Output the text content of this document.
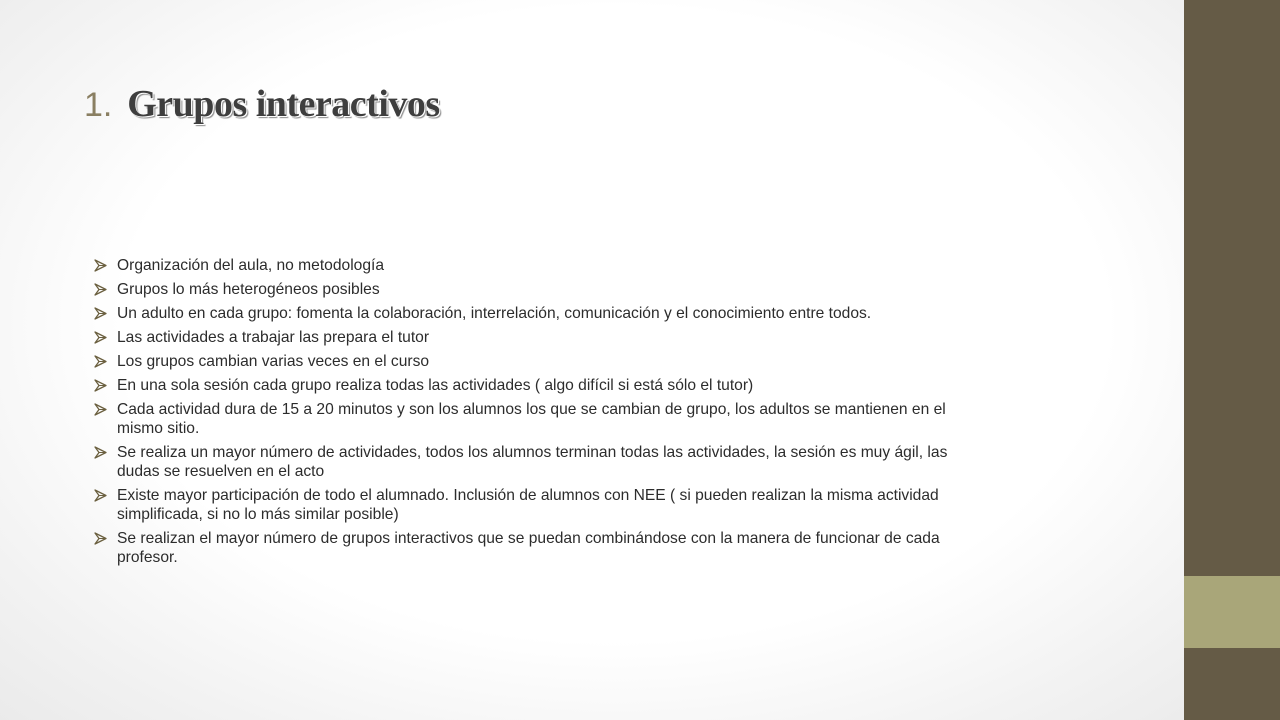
1. Grupos interactivos
Organización del aula, no metodología
Grupos lo más heterogéneos posibles
Un adulto en cada grupo: fomenta la colaboración, interrelación, comunicación y el conocimiento entre todos.
Las actividades a trabajar las prepara el tutor
Los grupos cambian varias veces en el curso
En una sola sesión cada grupo realiza todas las actividades ( algo difícil si está sólo el tutor)
Cada actividad dura de 15 a 20 minutos y son los alumnos los que se cambian de grupo, los adultos se mantienen en el mismo sitio.
Se realiza un mayor número de actividades, todos los alumnos terminan todas las actividades, la sesión es muy ágil, las dudas se resuelven en el acto
Existe mayor participación de todo el alumnado. Inclusión de alumnos con NEE ( si pueden realizan la misma actividad simplificada, si no lo más similar posible)
Se realizan el mayor número de grupos interactivos que se puedan combinándose con la manera de funcionar de cada profesor.
